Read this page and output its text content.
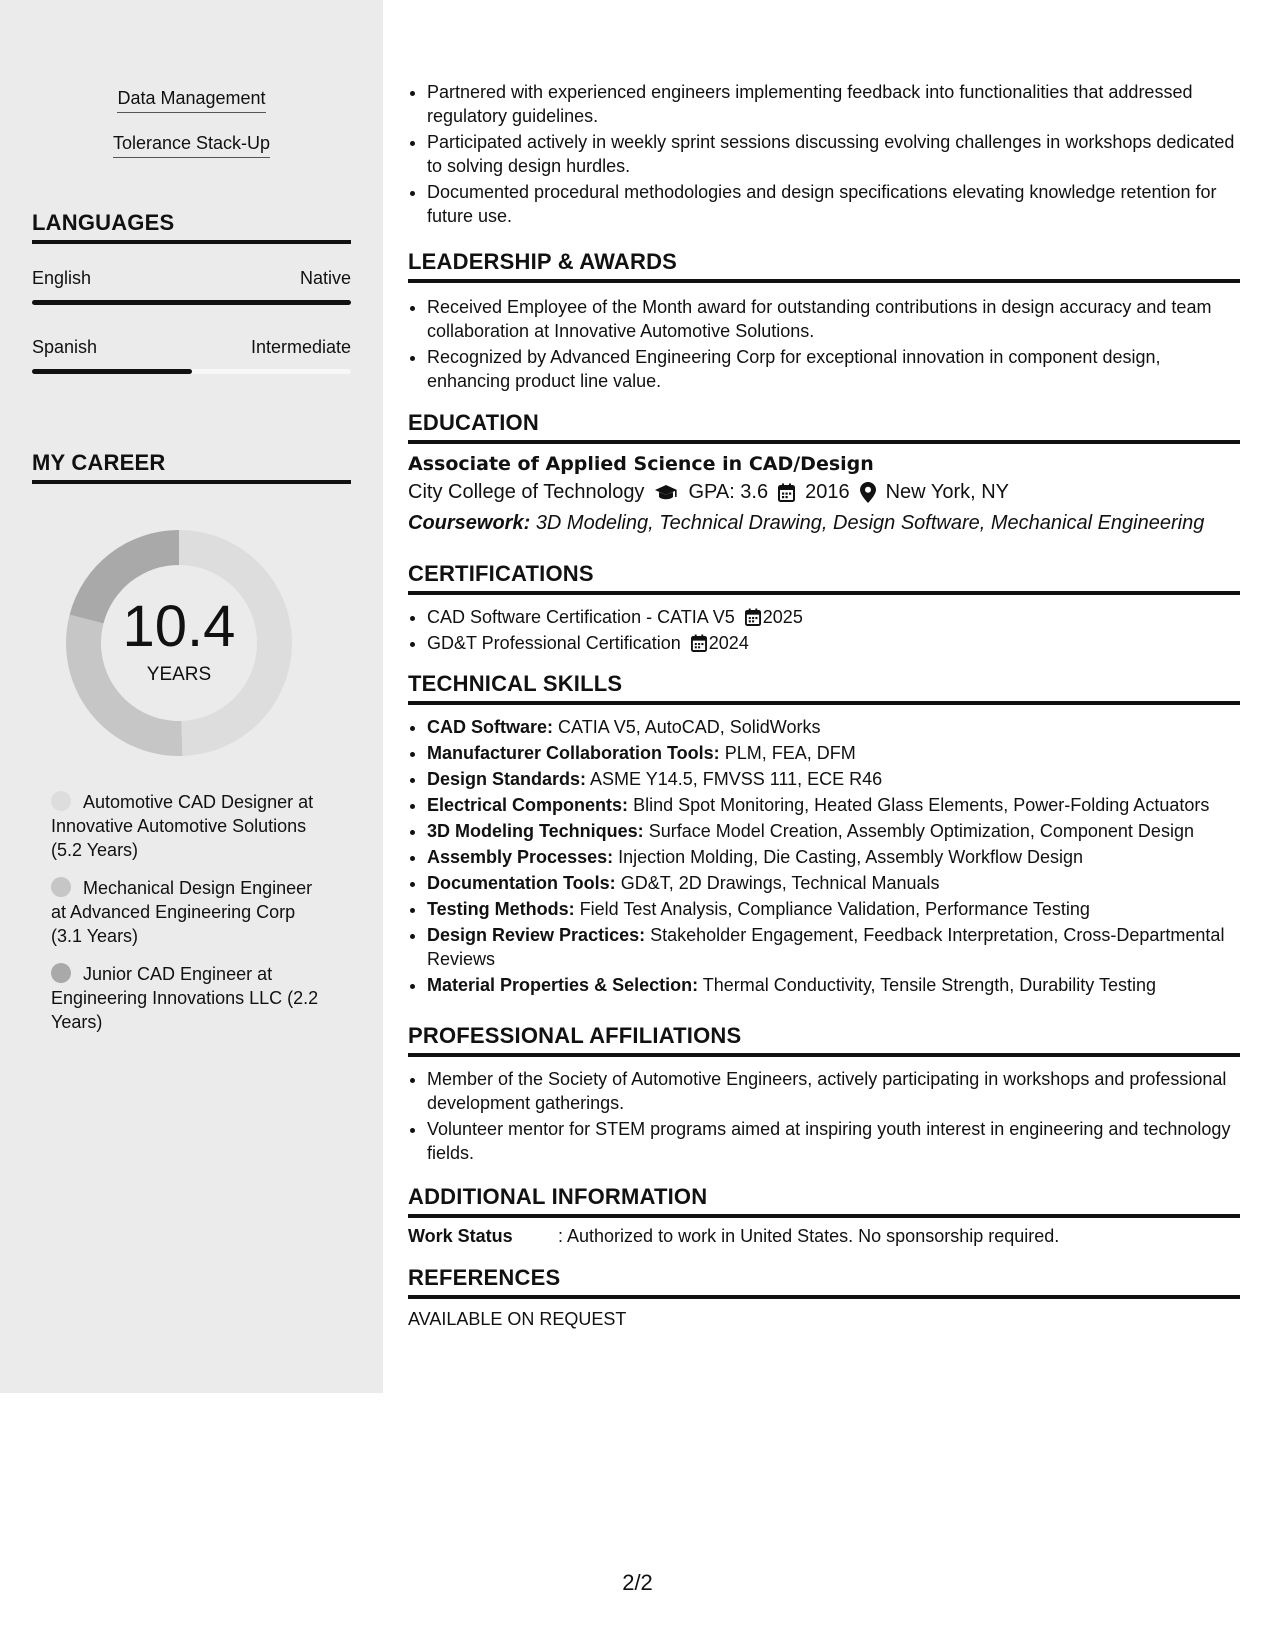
Data Management
Tolerance Stack-Up
LANGUAGES
English	Native
Spanish	Intermediate
MY CAREER
10.4
YEARS
Automotive CAD Designer at Innovative Automotive Solutions (5.2 Years)
Mechanical Design Engineer at Advanced Engineering Corp (3.1 Years)
Junior CAD Engineer at Engineering Innovations LLC (2.2 Years)
• Partnered with experienced engineers implementing feedback into functionalities that addressed regulatory guidelines.
• Participated actively in weekly sprint sessions discussing evolving challenges in workshops dedicated to solving design hurdles.
• Documented procedural methodologies and design specifications elevating knowledge retention for future use.
LEADERSHIP & AWARDS
• Received Employee of the Month award for outstanding contributions in design accuracy and team collaboration at Innovative Automotive Solutions.
• Recognized by Advanced Engineering Corp for exceptional innovation in component design, enhancing product line value.
EDUCATION
Associate of Applied Science in CAD/Design
City College of Technology GPA: 3.6 2016 New York, NY
Coursework: 3D Modeling, Technical Drawing, Design Software, Mechanical Engineering
CERTIFICATIONS
• CAD Software Certification - CATIA V5 2025
• GD&T Professional Certification 2024
TECHNICAL SKILLS
• CAD Software: CATIA V5, AutoCAD, SolidWorks
• Manufacturer Collaboration Tools: PLM, FEA, DFM
• Design Standards: ASME Y14.5, FMVSS 111, ECE R46
• Electrical Components: Blind Spot Monitoring, Heated Glass Elements, Power-Folding Actuators
• 3D Modeling Techniques: Surface Model Creation, Assembly Optimization, Component Design
• Assembly Processes: Injection Molding, Die Casting, Assembly Workflow Design
• Documentation Tools: GD&T, 2D Drawings, Technical Manuals
• Testing Methods: Field Test Analysis, Compliance Validation, Performance Testing
• Design Review Practices: Stakeholder Engagement, Feedback Interpretation, Cross-Departmental Reviews
• Material Properties & Selection: Thermal Conductivity, Tensile Strength, Durability Testing
PROFESSIONAL AFFILIATIONS
• Member of the Society of Automotive Engineers, actively participating in workshops and professional development gatherings.
• Volunteer mentor for STEM programs aimed at inspiring youth interest in engineering and technology fields.
ADDITIONAL INFORMATION
Work Status	: Authorized to work in United States. No sponsorship required.
REFERENCES
AVAILABLE ON REQUEST
2/2
